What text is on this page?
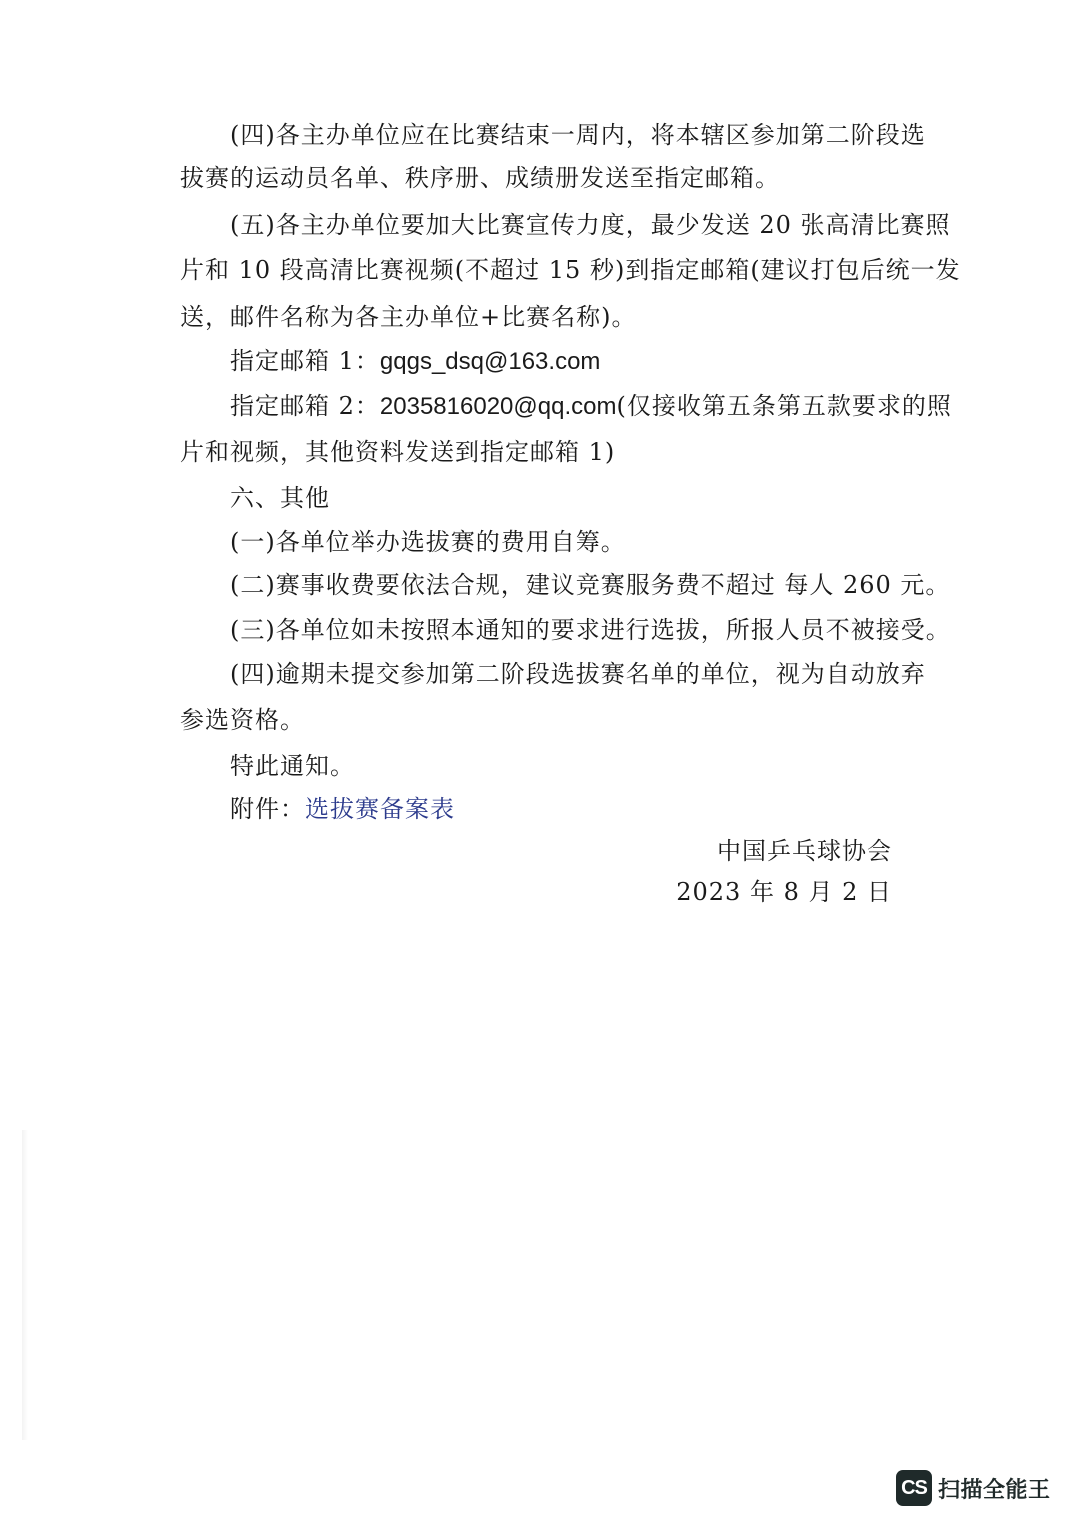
(四)各主办单位应在比赛结束一周内，将本辖区参加第二阶段选
拔赛的运动员名单、秩序册、成绩册发送至指定邮箱。
(五)各主办单位要加大比赛宣传力度，最少发送 20 张高清比赛照
片和 10 段高清比赛视频(不超过 15 秒)到指定邮箱(建议打包后统一发
送，邮件名称为各主办单位+比赛名称)。
指定邮箱 1：gqgs_dsq@163.com
指定邮箱 2：2035816020@qq.com(仅接收第五条第五款要求的照
片和视频，其他资料发送到指定邮箱 1)
六、其他
(一)各单位举办选拔赛的费用自筹。
(二)赛事收费要依法合规，建议竞赛服务费不超过 每人 260 元。
(三)各单位如未按照本通知的要求进行选拔，所报人员不被接受。
(四)逾期未提交参加第二阶段选拔赛名单的单位，视为自动放弃
参选资格。
特此通知。
附件：选拔赛备案表
中国乒乓球协会
2023 年 8 月 2 日
CS 扫描全能王
